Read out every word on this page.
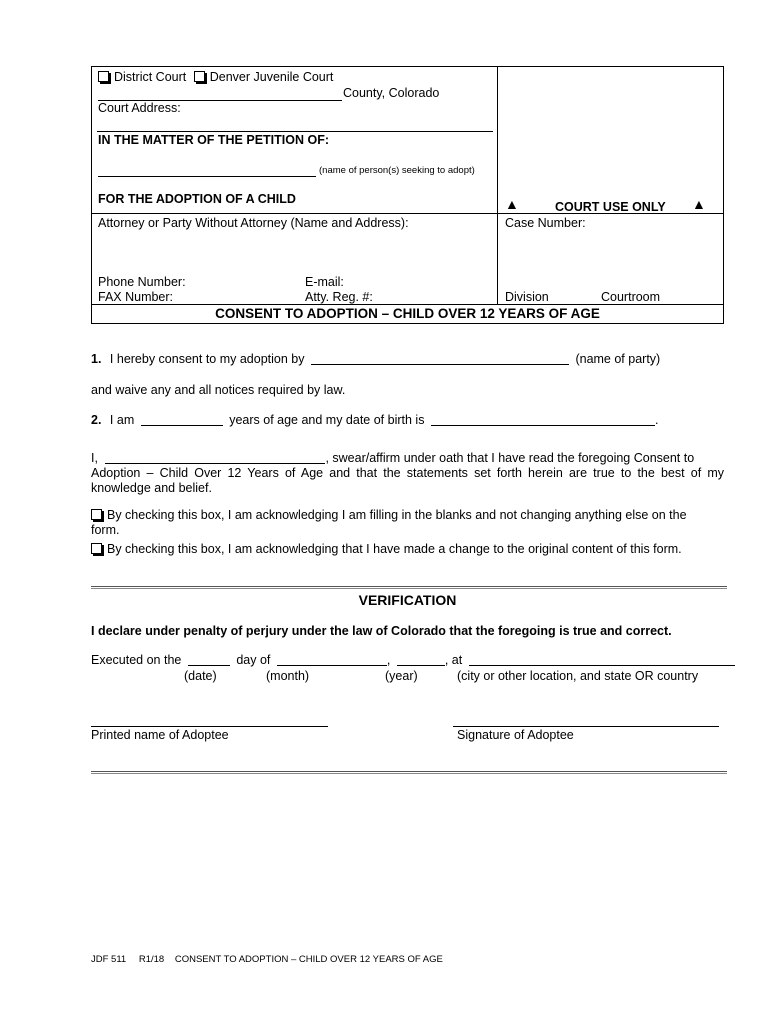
District Court Denver Juvenile Court
County, Colorado
Court Address:
IN THE MATTER OF THE PETITION OF:
(name of person(s) seeking to adopt)
FOR THE ADOPTION OF A CHILD	▲	COURT USE ONLY ▲
Attorney or Party Without Attorney (Name and Address):	Case Number:
Phone Number:	E-mail:
FAX Number:	Atty. Reg. #:	Division	Courtroom
CONSENT TO ADOPTION – CHILD OVER 12 YEARS OF AGE
1. I hereby consent to my adoption by	(name of party)
and waive any and all notices required by law.
2. I am	years of age and my date of birth is	.
I,	, swear/affirm under oath that I have read the foregoing Consent to
Adoption – Child Over 12 Years of Age and that the statements set forth herein are true to the best of my
knowledge and belief.
By checking this box, I am acknowledging I am filling in the blanks and not changing anything else on the
form.
By checking this box, I am acknowledging that I have made a change to the original content of this form.
VERIFICATION
I declare under penalty of perjury under the law of Colorado that the foregoing is true and correct.
Executed on the	day of	,	, at
(date)	(month)	(year)	(city or other location, and state OR country
Printed name of Adoptee	Signature of Adoptee
JDF 511 R1/18 CONSENT TO ADOPTION – CHILD OVER 12 YEARS OF AGE
